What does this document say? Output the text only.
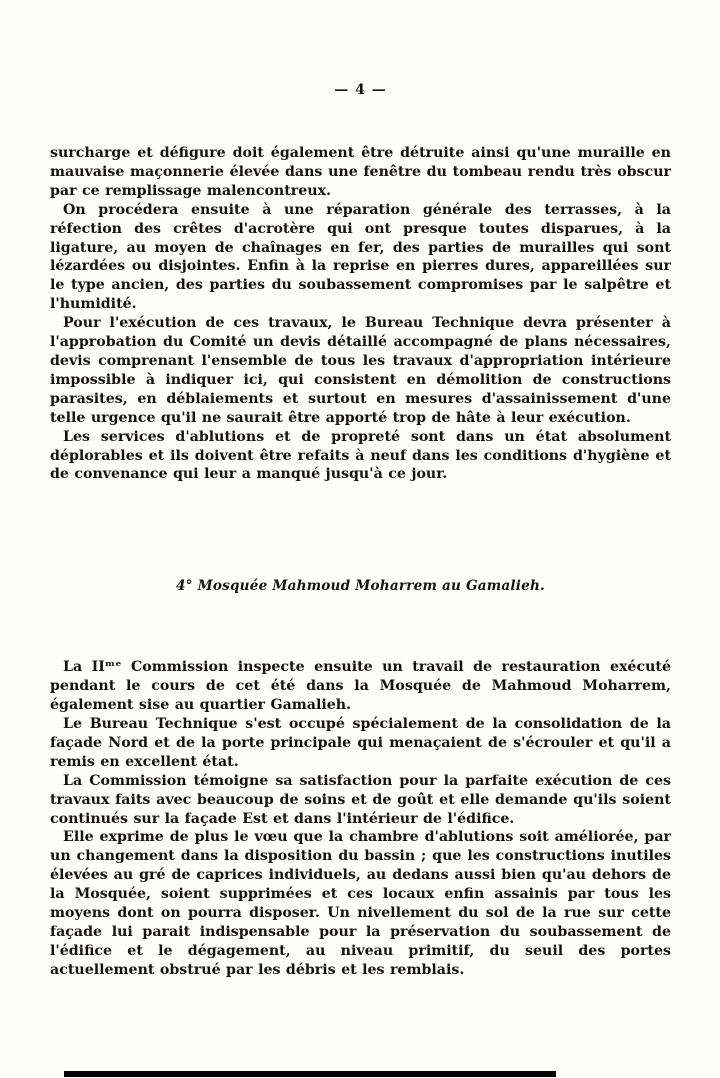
— 4 —

surcharge et défigure doit également être détruite ainsi qu'une muraille en mauvaise maçonnerie élevée dans une fenêtre du tombeau rendu très obscur par ce remplissage malencontreux.

On procédera ensuite à une réparation générale des terrasses, à la réfection des crêtes d'acrotère qui ont presque toutes disparues, à la ligature, au moyen de chaînages en fer, des parties de murailles qui sont lézardées ou disjointes. Enfin à la reprise en pierres dures, appareillées sur le type ancien, des parties du soubassement compromises par le salpêtre et l'humidité.

Pour l'exécution de ces travaux, le Bureau Technique devra présenter à l'approbation du Comité un devis détaillé accompagné de plans nécessaires, devis comprenant l'ensemble de tous les travaux d'appropriation intérieure impossible à indiquer ici, qui consistent en démolition de constructions parasites, en déblaiements et surtout en mesures d'assainissement d'une telle urgence qu'il ne saurait être apporté trop de hâte à leur exécution.

Les services d'ablutions et de propreté sont dans un état absolument déplorables et ils doivent être refaits à neuf dans les conditions d'hygiène et de convenance qui leur a manqué jusqu'à ce jour.

4° Mosquée Mahmoud Moharrem au Gamalieh.

La IIᵐᵉ Commission inspecte ensuite un travail de restauration exécuté pendant le cours de cet été dans la Mosquée de Mahmoud Moharrem, également sise au quartier Gamalieh.

Le Bureau Technique s'est occupé spécialement de la consolidation de la façade Nord et de la porte principale qui menaçaient de s'écrouler et qu'il a remis en excellent état.

La Commission témoigne sa satisfaction pour la parfaite exécution de ces travaux faits avec beaucoup de soins et de goût et elle demande qu'ils soient continués sur la façade Est et dans l'intérieur de l'édifice.

Elle exprime de plus le vœu que la chambre d'ablutions soit améliorée, par un changement dans la disposition du bassin ; que les constructions inutiles élevées au gré de caprices individuels, au dedans aussi bien qu'au dehors de la Mosquée, soient supprimées et ces locaux enfin assainis par tous les moyens dont on pourra disposer. Un nivellement du sol de la rue sur cette façade lui parait indispensable pour la préservation du soubassement de l'édifice et le dégagement, au niveau primitif, du seuil des portes actuellement obstrué par les débris et les remblais.
